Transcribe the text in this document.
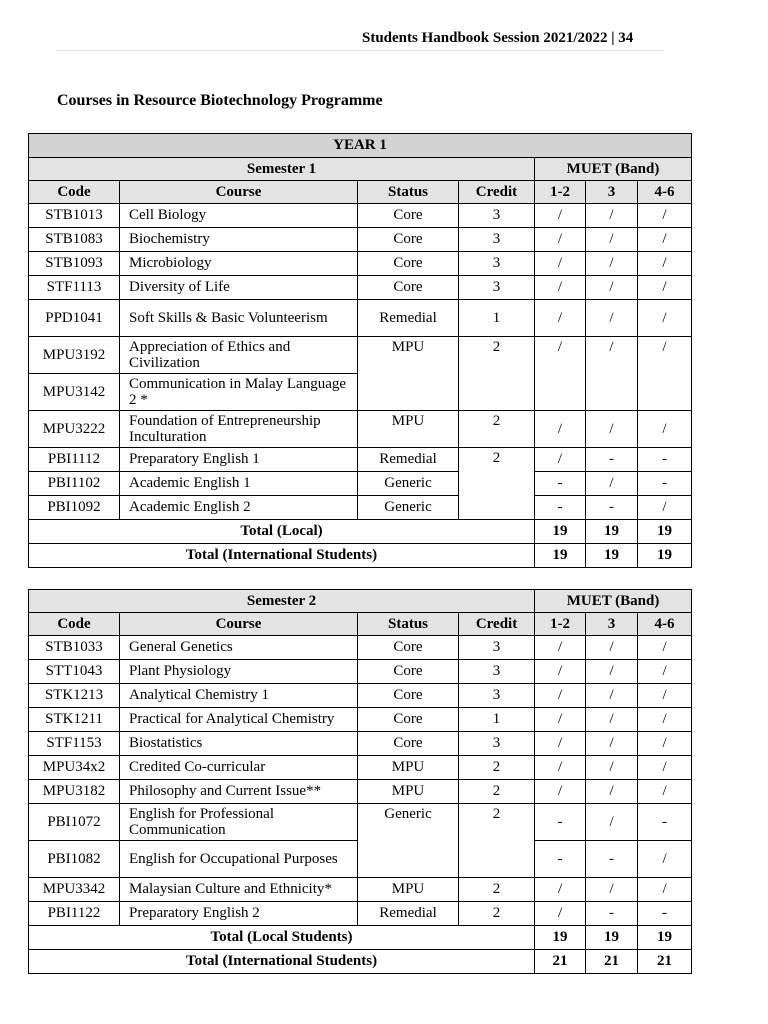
Students Handbook Session 2021/2022 | 34
Courses in Resource Biotechnology Programme
YEAR 1						
Semester 1				MUET (Band)		
Code	Course	Status	Credit	1-2	3	4-6
STB1013	Cell Biology	Core	3	/	/	/
STB1083	Biochemistry	Core	3	/	/	/
STB1093	Microbiology	Core	3	/	/	/
STF1113	Diversity of Life	Core	3	/	/	/
PPD1041	Soft Skills & Basic Volunteerism	Remedial	1	/	/	/
MPU3192	Appreciation of Ethics and Civilization	MPU	2	/	/	/
MPU3142	Communication in Malay Language 2 *					
MPU3222	Foundation of Entrepreneurship Inculturation	MPU	2	/	/	/
PBI1112	Preparatory English 1	Remedial	2	/	-	-
PBI1102	Academic English 1	Generic		-	/	-
PBI1092	Academic English 2	Generic		-	-	/
Total (Local)				19	19	19
Total (International Students)				19	19	19
Semester 2				MUET (Band)		
Code	Course	Status	Credit	1-2	3	4-6
STB1033	General Genetics	Core	3	/	/	/
STT1043	Plant Physiology	Core	3	/	/	/
STK1213	Analytical Chemistry 1	Core	3	/	/	/
STK1211	Practical for Analytical Chemistry	Core	1	/	/	/
STF1153	Biostatistics	Core	3	/	/	/
MPU34x2	Credited Co-curricular	MPU	2	/	/	/
MPU3182	Philosophy and Current Issue**	MPU	2	/	/	/
PBI1072	English for Professional Communication	Generic	2	-	/	-
PBI1082	English for Occupational Purposes			-	-	/
MPU3342	Malaysian Culture and Ethnicity*	MPU	2	/	/	/
PBI1122	Preparatory English 2	Remedial	2	/	-	-
Total (Local Students)				19	19	19
Total (International Students)				21	21	21
